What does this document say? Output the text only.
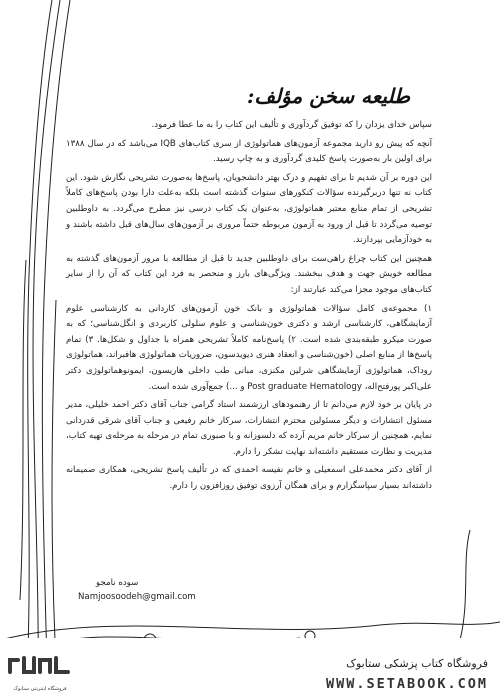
طلیعه سخن مؤلف:

سپاس خدای یزدان را که توفیق گردآوری و تألیف این کتاب را به ما عطا فرمود.

آنچه که پیش رو دارید مجموعه آزمون‌های هماتولوژی از سری کتاب‌های IQB می‌باشد که در سال ۱۳۸۸ برای اولین بار به‌صورت پاسخ کلیدی گردآوری و به چاپ رسید.

این دوره بر آن شدیم تا برای تفهیم و درک بهتر دانشجویان، پاسخ‌ها به‌صورت تشریحی نگارش شود. این کتاب نه تنها دربرگیرنده سؤالات کنکورهای سنوات گذشته است بلکه به‌علت دارا بودن پاسخ‌های کاملاً تشریحی از تمام منابع معتبر هماتولوژی، به‌عنوان یک کتاب درسی نیز مطرح می‌گردد. به داوطلبین توصیه می‌گردد تا قبل از ورود به آزمون مربوطه حتماً مروری بر آزمون‌های سال‌های قبل داشته باشند و به خودآزمایی بپردازند.

همچنین این کتاب چراغ راهی‌ست برای داوطلبین جدید تا قبل از مطالعه با مرور آزمون‌های گذشته به مطالعه خویش جهت و هدف ببخشند. ویژگی‌های بارز و منحصر به فرد این کتاب که آن را از سایر کتاب‌های موجود مجزا می‌کند عبارتند از:

۱) مجموعه‌ی کامل سؤالات هماتولوژی و بانک خون آزمون‌های کاردانی به کارشناسی علوم آزمایشگاهی، کارشناسی ارشد و دکتری خون‌شناسی و علوم سلولی کاربردی و انگل‌شناسی؛ که به صورت میکرو طبقه‌بندی شده است. ۲) پاسخ‌نامه کاملاً تشریحی همراه با جداول و شکل‌ها. ۳) تمام پاسخ‌ها از منابع اصلی (خون‌شناسی و انعقاد هنری دیویدسون، ضروریات هماتولوژی هافبراند، هماتولوژی روداک، هماتولوژی آزمایشگاهی شرلین مکنزی، مبانی طب داخلی هاریسون، ایمونوهماتولوژی دکتر علی‌اکبر پورفتح‌اله، Post graduate Hematology و ...) جمع‌آوری شده است.

در پایان بر خود لازم می‌دانم تا از رهنمودهای ارزشمند استاد گرامی جناب آقای دکتر احمد خلیلی، مدیر مسئول انتشارات و دیگر مسئولین محترم انتشارات، سرکار خانم رفیعی و جناب آقای شرقی قدردانی نمایم، همچنین از سرکار خانم مریم آرده که دلسوزانه و با صبوری تمام در مرحله به مرحله‌ی تهیه کتاب، مدیریت و نظارت مستقیم داشته‌اند نهایت تشکر را دارم.

از آقای دکتر محمدعلی اسمعیلی و خانم نفیسه احمدی که در تألیف پاسخ تشریحی، همکاری صمیمانه داشته‌اند بسیار سپاسگزارم و برای همگان آرزوی توفیق روزافزون را دارم.

سوده نامجو
Namjoosoodeh@gmail.com
فروشگاه اینترنتی ستابوک
فروشگاه کتاب پزشکی ستابوک
WWW.SETABOOK.COM
